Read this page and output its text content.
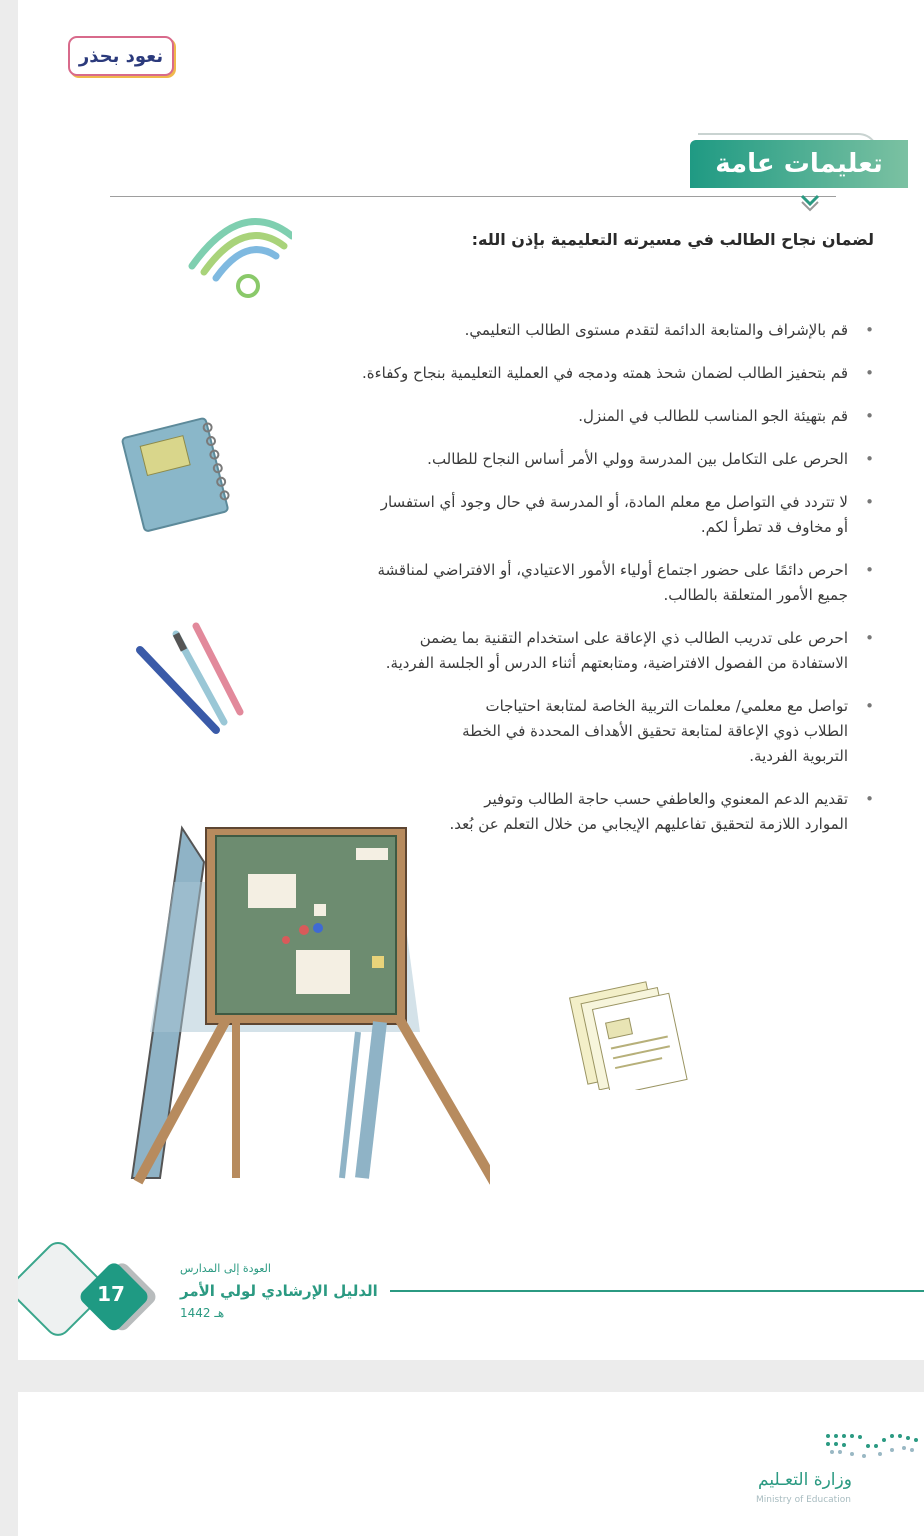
نعود بحذر
تعليمات عامة
لضمان نجاح الطالب في مسيرته التعليمية بإذن الله:
•
قم بالإشراف والمتابعة الدائمة لتقدم مستوى الطالب التعليمي.
•
قم بتحفيز الطالب لضمان شحذ همته ودمجه في العملية التعليمية بنجاح وكفاءة.
•
قم بتهيئة الجو المناسب للطالب في المنزل.
•
الحرص على التكامل بين المدرسة وولي الأمر أساس النجاح للطالب.
•
لا تتردد في التواصل مع معلم المادة، أو المدرسة في حال وجود أي استفسار أو مخاوف قد تطرأ لكم.
•
احرص دائمًا على حضور اجتماع أولياء الأمور الاعتيادي، أو الافتراضي لمناقشة جميع الأمور المتعلقة بالطالب.
•
احرص على تدريب الطالب ذي الإعاقة على استخدام التقنية بما يضمن الاستفادة من الفصول الافتراضية، ومتابعتهم أثناء الدرس أو الجلسة الفردية.
•
تواصل مع معلمي/ معلمات التربية الخاصة لمتابعة احتياجات الطلاب ذوي الإعاقة لمتابعة تحقيق الأهداف المحددة في الخطة التربوية الفردية.
•
تقديم الدعم المعنوي والعاطفي حسب حاجة الطالب وتوفير الموارد اللازمة لتحقيق تفاعليهم الإيجابي من خلال التعلم عن بُعد.
17
العودة إلى المدارس
الدليل الإرشادي لولي الأمر
1442 هـ
وزارة التعـليم
Ministry of Education
